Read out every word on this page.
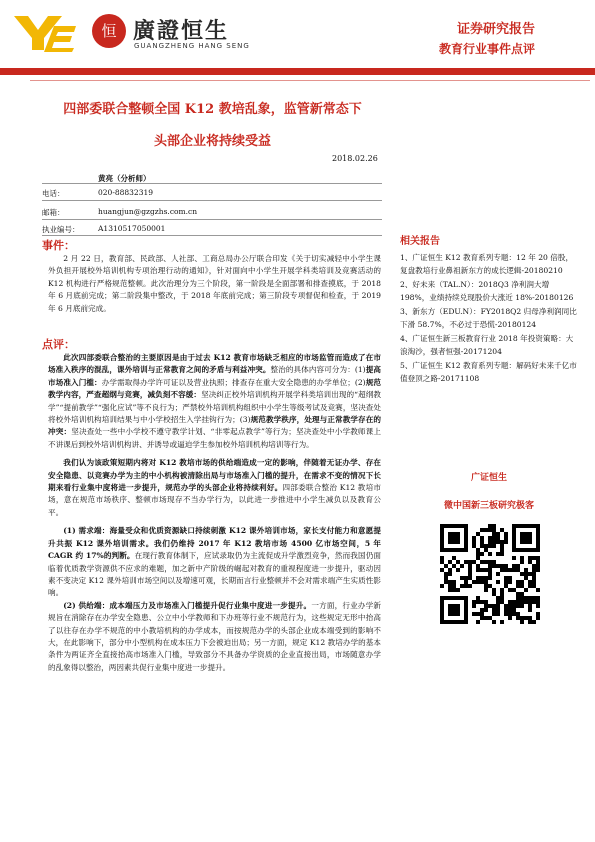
恒 廣證恒生
GUANGZHENG HANG SENG
证券研究报告
教育行业事件点评
四部委联合整顿全国 K12 教培乱象，监管新常态下
头部企业将持续受益
2018.02.26
黄亮（分析师）
电话：	020-88832319
邮箱：	huangjun@gzgzhs.com.cn
执业编号： A1310517050001
事件：

2 月 22 日，教育部、民政部、人社部、工商总局办公厅联合印发《关于切实减轻中小学生课外负担开展校外培训机构专项治理行动的通知》，针对面向中小学生开展学科类培训及竞赛活动的 K12 机构进行严格规范整顿。此次治理分为三个阶段，第一阶段是全面部署和排查摸底，于 2018 年 6 月底前完成；第二阶段集中整改，于 2018 年底前完成；第三阶段专项督促和检查，于 2019 年 6 月底前完成。

点评：

此次四部委联合整治的主要原因是由于过去 K12 教育市场缺乏相应的市场监管而造成了在市场准入秩序的混乱，课外培训与正常教育之间的矛盾与利益冲突。整治的具体内容可分为：(1)提高市场准入门槛：办学需取得办学许可证以及营业执照；排查存在重大安全隐患的办学单位；(2)规范教学内容，严查超纲与竞赛，减负刻不容缓：坚决纠正校外培训机构开展学科类培训出现的“超纲教学”“提前教学”“强化应试”等不良行为；严禁校外培训机构组织中小学生等级考试及竞赛，坚决查处将校外培训机构培训结果与中小学校招生入学挂钩行为；(3)规范教学秩序，处理与正常教学存在的冲突：坚决查处一些中小学校不遵守教学计划、“非零起点教学”等行为；坚决查处中小学教师课上不讲课后到校外培训机构讲、并诱导或逼迫学生参加校外培训机构培训等行为。

我们认为该政策短期内将对 K12 教培市场的供给端造成一定的影响，伴随着无证办学、存在安全隐患、以竞赛办学为主的中小机构被清除出局与市场准入门槛的提升，在需求不变的情况下长期来看行业集中度将进一步提升，规范办学的头部企业将持续利好。四部委联合整治 K12 教培市场，意在规范市场秩序、整顿市场现存不当办学行为，以此进一步推进中小学生减负以及教育公平。

(1) 需求端：海量受众和优质资源缺口持续刺激 K12 课外培训市场，家长支付能力和意愿提升共振 K12 课外培训需求。我们仍维持 2017 年 K12 教培市场 4500 亿市场空间，5 年 CAGR 约 17%的判断。在现行教育体制下，应试录取仍为主流促成升学激烈竞争，然而我国仍面临着优质教学资源供不应求的难题，加之新中产阶级的崛起对教育的重视程度进一步提升，驱动因素不变决定 K12 课外培训市场空间以及增速可观，长期而言行业整顿并不会对需求端产生实质性影响。

(2) 供给端：成本端压力及市场准入门槛提升促行业集中度进一步提升。一方面，行业办学新规旨在消除存在办学安全隐患、公立中小学教师和下办班等行业不规范行为，这些规定无形中抬高了以往存在办学不规范的中小教培机构的办学成本，而按规范办学的头部企业成本端受到的影响不大，在此影响下，部分中小型机构在成本压力下会被迫出局；另一方面，规定 K12 教培办学的基本条件为两证齐全直接抬高市场准入门槛，导致部分不具备办学资质的企业直接出局，市场随意办学的乱象得以整治，两因素共促行业集中度进一步提升。

相关报告
1、广证恒生 K12 教育系列专题：12 年 20 倍股，复盘教培行业鼻祖新东方的成长逻辑-20180210
2、好未来（TAL.N）：2018Q3 净利润大增 198%，业绩持续兑现股价大涨近 18%-20180126
3、新东方（EDU.N）：FY2018Q2 归母净利润同比下滑 58.7%，不必过于恐慌-20180124
4、广证恒生新三板教育行业 2018 年投资策略：大浪淘沙，强者恒强-20171204
5、广证恒生 K12 教育系列专题：解码好未来千亿市值登顶之路-20171108
广证恒生
微中国新三板研究极客
